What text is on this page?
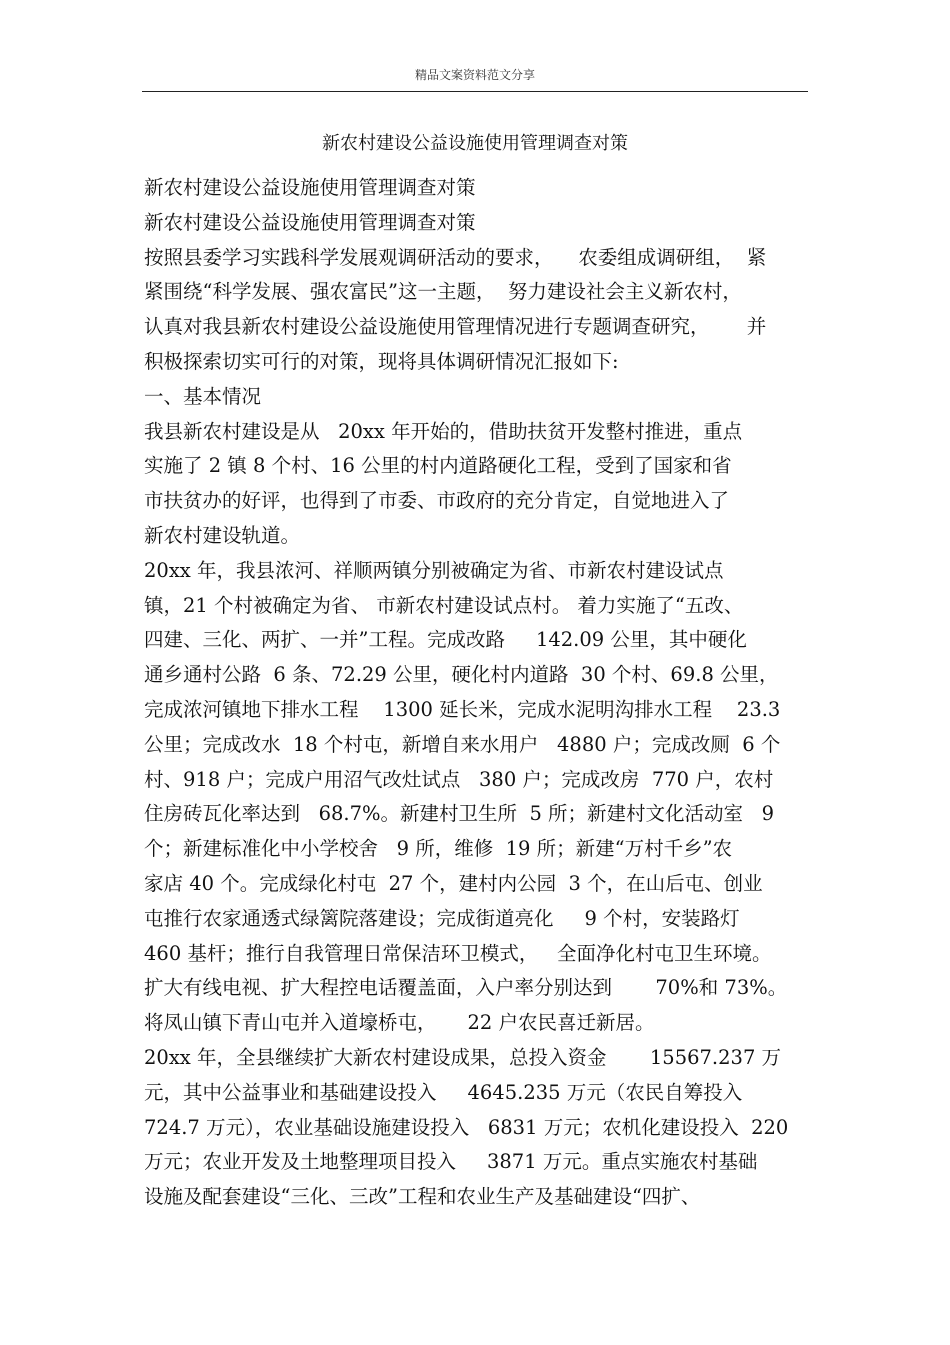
精品文案资料范文分享
新农村建设公益设施使用管理调查对策
新农村建设公益设施使用管理调查对策
新农村建设公益设施使用管理调查对策
按照县委学习实践科学发展观调研活动的要求，    农委组成调研组，  紧
紧围绕“科学发展、强农富民”这一主题，  努力建设社会主义新农村，
认真对我县新农村建设公益设施使用管理情况进行专题调查研究，      并
积极探索切实可行的对策，现将具体调研情况汇报如下:
一、基本情况
我县新农村建设是从   20xx 年开始的，借助扶贫开发整村推进，重点
实施了 2 镇 8 个村、16 公里的村内道路硬化工程，受到了国家和省
市扶贫办的好评，也得到了市委、市政府的充分肯定，自觉地进入了
新农村建设轨道。
20xx 年，我县浓河、祥顺两镇分别被确定为省、市新农村建设试点
镇，21 个村被确定为省、 市新农村建设试点村。 着力实施了“五改、
四建、三化、两扩、一并”工程。完成改路     142.09 公里，其中硬化
通乡通村公路  6 条、72.29 公里，硬化村内道路  30 个村、69.8 公里，
完成浓河镇地下排水工程    1300 延长米，完成水泥明沟排水工程    23.3
公里；完成改水  18 个村屯，新增自来水用户   4880 户；完成改厕  6 个
村、918 户；完成户用沼气改灶试点   380 户；完成改房  770 户，农村
住房砖瓦化率达到   68.7%。新建村卫生所  5 所；新建村文化活动室   9
个；新建标准化中小学校舍   9 所，维修  19 所；新建“万村千乡”农
家店 40 个。完成绿化村屯  27 个，建村内公园  3 个，在山后屯、创业
屯推行农家通透式绿篱院落建设；完成街道亮化     9 个村，安装路灯
460 基杆；推行自我管理日常保洁环卫模式，   全面净化村屯卫生环境。
扩大有线电视、扩大程控电话覆盖面，入户率分别达到       70%和 73%。
将凤山镇下青山屯并入道壕桥屯，     22 户农民喜迁新居。
20xx 年，全县继续扩大新农村建设成果，总投入资金       15567.237 万
元，其中公益事业和基础建设投入     4645.235 万元（农民自筹投入
724.7 万元），农业基础设施建设投入   6831 万元；农机化建设投入  220
万元；农业开发及土地整理项目投入     3871 万元。重点实施农村基础
设施及配套建设“三化、三改”工程和农业生产及基础建设“四扩、
